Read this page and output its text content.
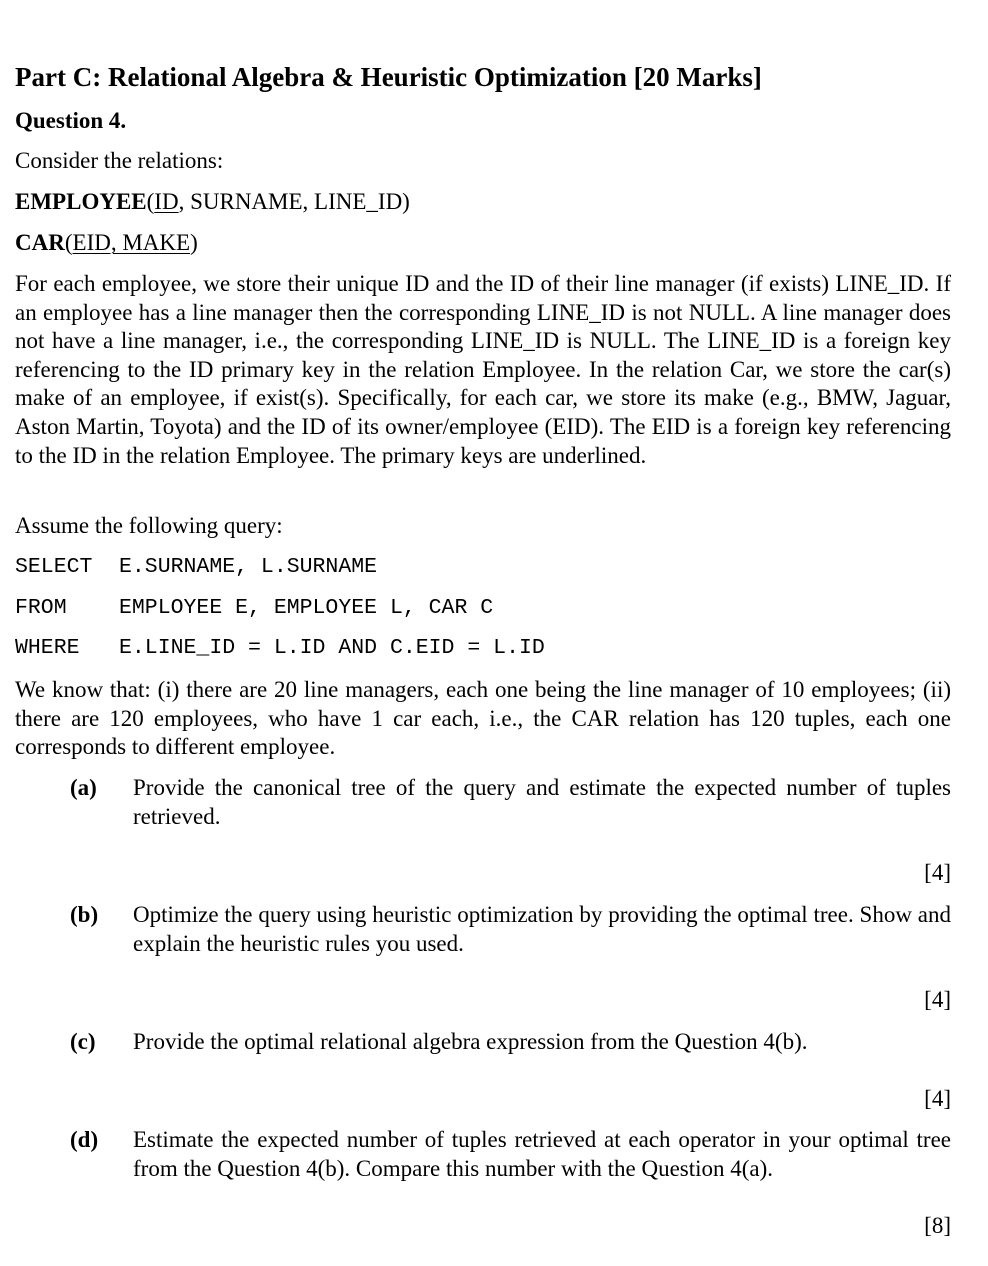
Part C: Relational Algebra & Heuristic Optimization [20 Marks]
Question 4.
Consider the relations:
EMPLOYEE(ID, SURNAME, LINE_ID)
CAR(EID, MAKE)
For each employee, we store their unique ID and the ID of their line manager (if exists) LINE_ID. If an employee has a line manager then the corresponding LINE_ID is not NULL. A line manager does not have a line manager, i.e., the corresponding LINE_ID is NULL. The LINE_ID is a foreign key referencing to the ID primary key in the relation Employee. In the relation Car, we store the car(s) make of an employee, if exist(s). Specifically, for each car, we store its make (e.g., BMW, Jaguar, Aston Martin, Toyota) and the ID of its owner/employee (EID). The EID is a foreign key referencing to the ID in the relation Employee. The primary keys are underlined.
Assume the following query:
SELECT E.SURNAME, L.SURNAME
FROM EMPLOYEE E, EMPLOYEE L, CAR C
WHERE E.LINE_ID = L.ID AND C.EID = L.ID
We know that: (i) there are 20 line managers, each one being the line manager of 10 employees; (ii) there are 120 employees, who have 1 car each, i.e., the CAR relation has 120 tuples, each one corresponds to different employee.
(a) Provide the canonical tree of the query and estimate the expected number of tuples retrieved.
[4]
(b) Optimize the query using heuristic optimization by providing the optimal tree. Show and explain the heuristic rules you used.
[4]
(c) Provide the optimal relational algebra expression from the Question 4(b).
[4]
(d) Estimate the expected number of tuples retrieved at each operator in your optimal tree from the Question 4(b). Compare this number with the Question 4(a).
[8]
